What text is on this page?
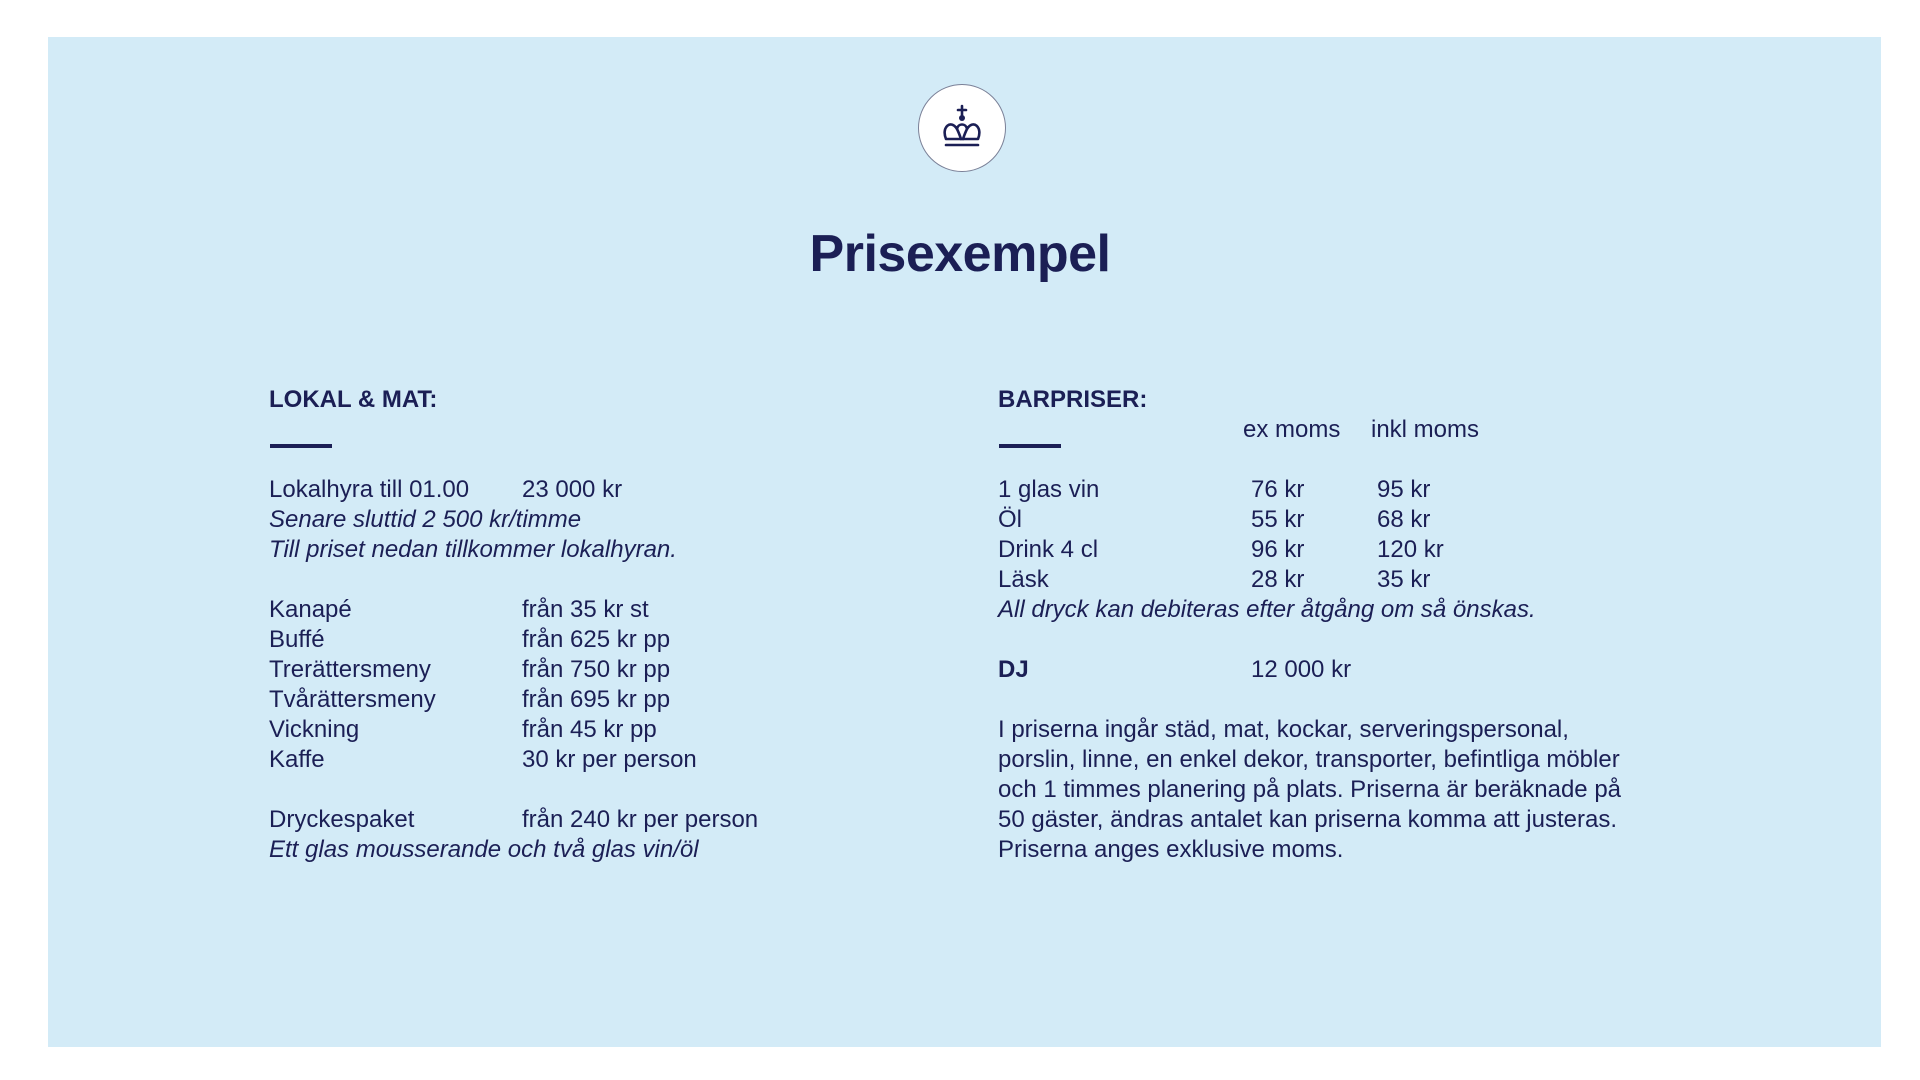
Prisexempel

LOKAL & MAT:

Lokalhyra till 01.00 23 000 kr
Senare sluttid 2 500 kr/timme
Till priset nedan tillkommer lokalhyran.
Kanapé	från 35 kr st
Buffé	från 625 kr pp
Trerättersmeny	från 750 kr pp
Tvårättersmeny	från 695 kr pp
Vickning	från 45 kr pp
Kaffe	30 kr per person
Dryckespaket	från 240 kr per person
Ett glas mousserande och två glas vin/öl

BARPRISER:

ex moms inkl moms
1 glas vin	76 kr	95 kr
Öl	55 kr	68 kr
Drink 4 cl	96 kr	120 kr
Läsk	28 kr	35 kr
All dryck kan debiteras efter åtgång om så önskas.
DJ	12 000 kr
I priserna ingår städ, mat, kockar, serveringspersonal,
porslin, linne, en enkel dekor, transporter, befintliga möbler
och 1 timmes planering på plats. Priserna är beräknade på
50 gäster, ändras antalet kan priserna komma att justeras.
Priserna anges exklusive moms.
